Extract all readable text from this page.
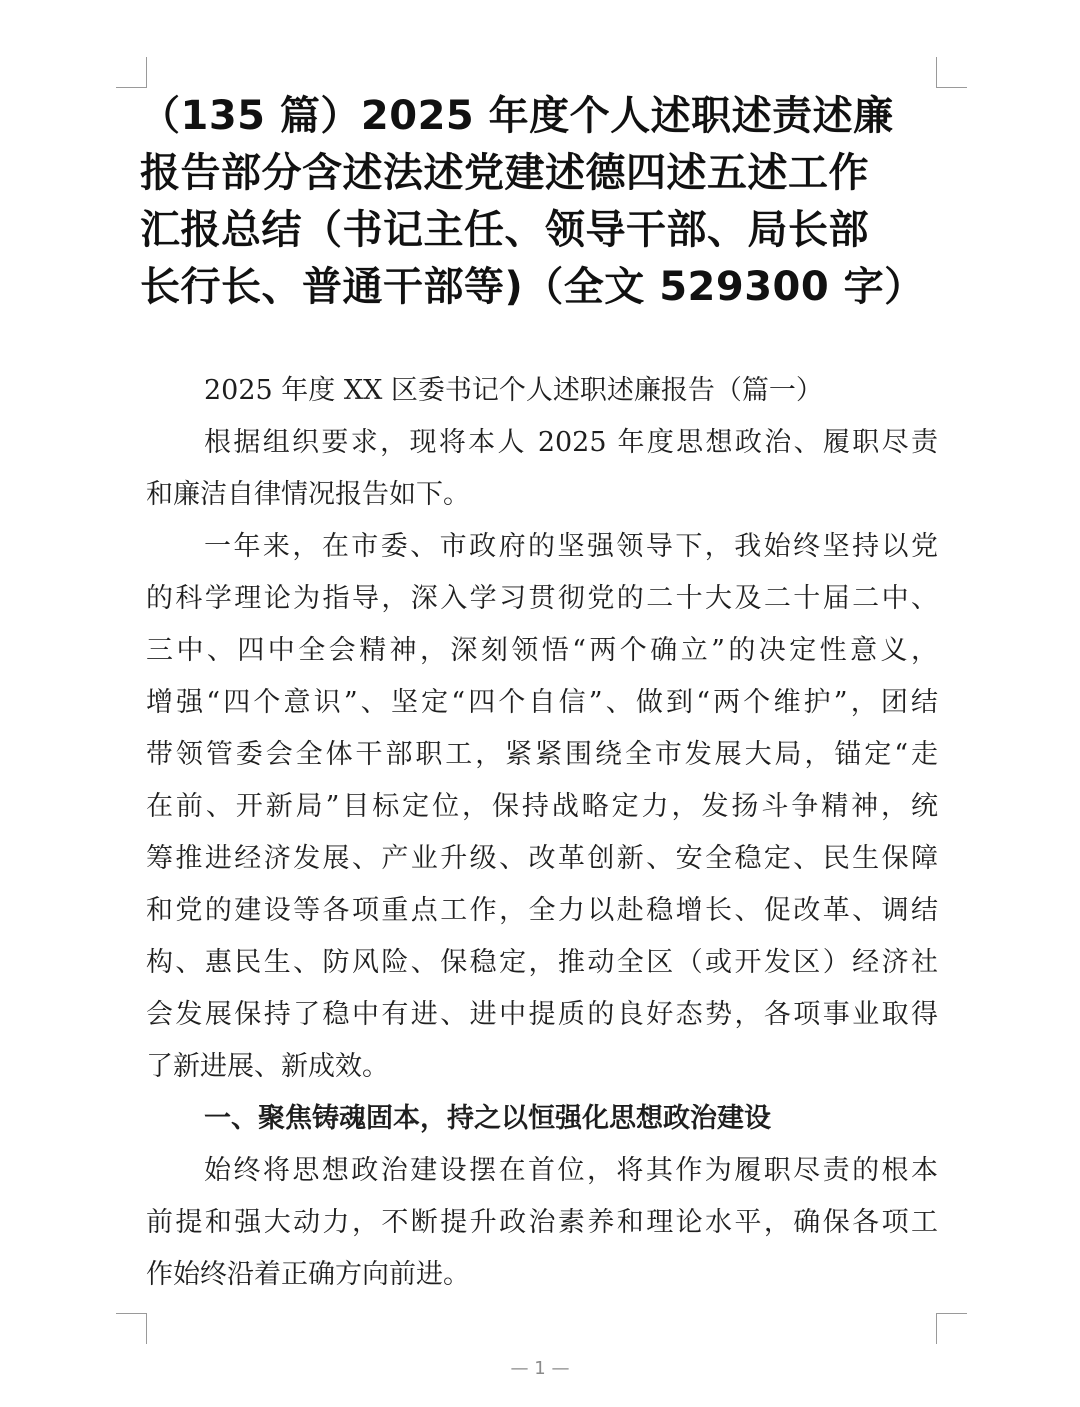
（135 篇）2025 年度个人述职述责述廉
报告部分含述法述党建述德四述五述工作
汇报总结（书记主任、领导干部、局长部
长行长、普通干部等)（全文 529300 字）
2025 年度 XX 区委书记个人述职述廉报告（篇一）
根据组织要求，现将本人 2025 年度思想政治、履职尽责
和廉洁自律情况报告如下。
一年来，在市委、市政府的坚强领导下，我始终坚持以党
的科学理论为指导，深入学习贯彻党的二十大及二十届二中、
三中、四中全会精神，深刻领悟“两个确立”的决定性意义，
增强“四个意识”、坚定“四个自信”、做到“两个维护”，团结
带领管委会全体干部职工，紧紧围绕全市发展大局，锚定“走
在前、开新局”目标定位，保持战略定力，发扬斗争精神，统
筹推进经济发展、产业升级、改革创新、安全稳定、民生保障
和党的建设等各项重点工作，全力以赴稳增长、促改革、调结
构、惠民生、防风险、保稳定，推动全区（或开发区）经济社
会发展保持了稳中有进、进中提质的良好态势，各项事业取得
了新进展、新成效。
一、聚焦铸魂固本，持之以恒强化思想政治建设
始终将思想政治建设摆在首位，将其作为履职尽责的根本
前提和强大动力，不断提升政治素养和理论水平，确保各项工
作始终沿着正确方向前进。
— 1 —
